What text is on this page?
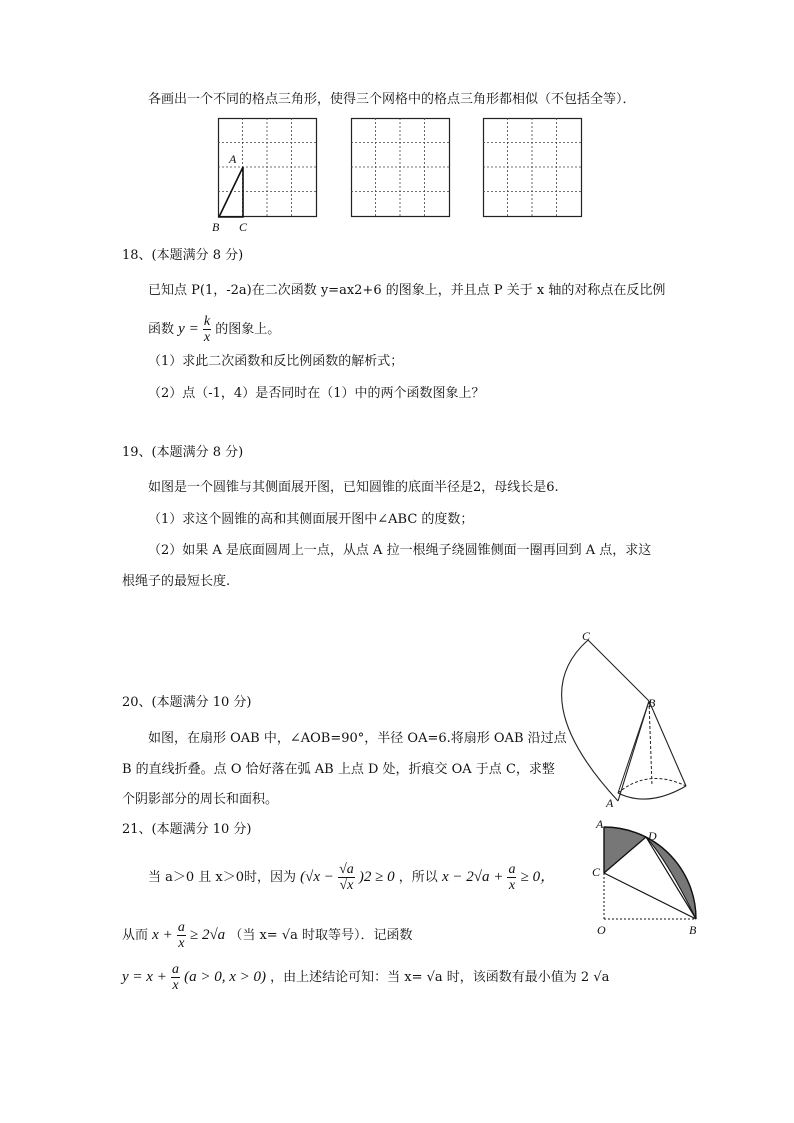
各画出一个不同的格点三角形，使得三个网格中的格点三角形都相似（不包括全等）．
A
B C
18、(本题满分 8 分)
已知点 P(1，-2a)在二次函数 y=ax2+6 的图象上，并且点 P 关于 x 轴的对称点在反比例
函数 $y = \frac{k}{x}$ 的图象上。
（1）求此二次函数和反比例函数的解析式；
（2）点（-1，4）是否同时在（1）中的两个函数图象上？
19、(本题满分 8 分)
如图是一个圆锥与其侧面展开图，已知圆锥的底面半径是2，母线长是6.
（1）求这个圆锥的高和其侧面展开图中∠ABC 的度数；
（2）如果 A 是底面圆周上一点，从点 A 拉一根绳子绕圆锥侧面一圈再回到 A 点，求这
根绳子的最短长度.
C
B
A
20、(本题满分 10 分)
如图，在扇形 OAB 中，∠AOB=90°，半径 OA=6.将扇形 OAB 沿过点
B 的直线折叠。点 O 恰好落在弧 AB 上点 D 处，折痕交 OA 于点 C，求整
个阴影部分的周长和面积。
A
D
C
O	B
21、(本题满分 10 分)
当 a＞0 且 x＞0时，因为 $(√x - \frac{√a}{√x} )2 \ge 0$ ，所以 $x - 2√a + \frac{a}{x} \ge 0$，
从而 $x + \frac{a}{x} \ge 2√a$ （当 x= √a 时取等号）．记函数
$y = x + \frac{a}{x} (a > 0$, x > 0) ，由上述结论可知：当 x= √a 时，该函数有最小值为 2 √a
